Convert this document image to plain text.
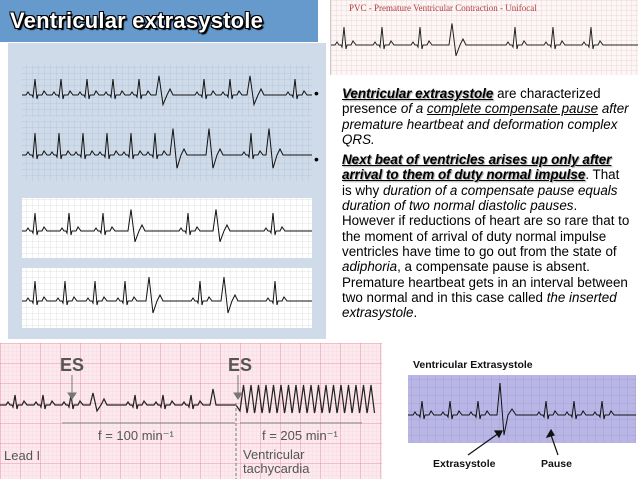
Ventricular extrasystole	PVC - Premature Ventricular Contraction - Unifocal
• Ventricular extrasystole are characterized presence of a complete compensate pause after premature heartbeat and deformation complex QRS.
• Next beat of ventricles arises up only after arrival to them of duty normal impulse. That is why duration of a compensate pause equals duration of two normal diastolic pauses. However if reductions of heart are so rare that to the moment of arrival of duty normal impulse ventricles have time to go out from the state of adiphoria, a compensate pause is absent. Premature heartbeat gets in an interval between two normal and in this case called the inserted extrasystole.
ES	ES
f = 100 min⁻¹	f = 205 min⁻¹
Lead I	Ventricular
tachycardia
Ventricular Extrasystole
Extrasystole	Pause
